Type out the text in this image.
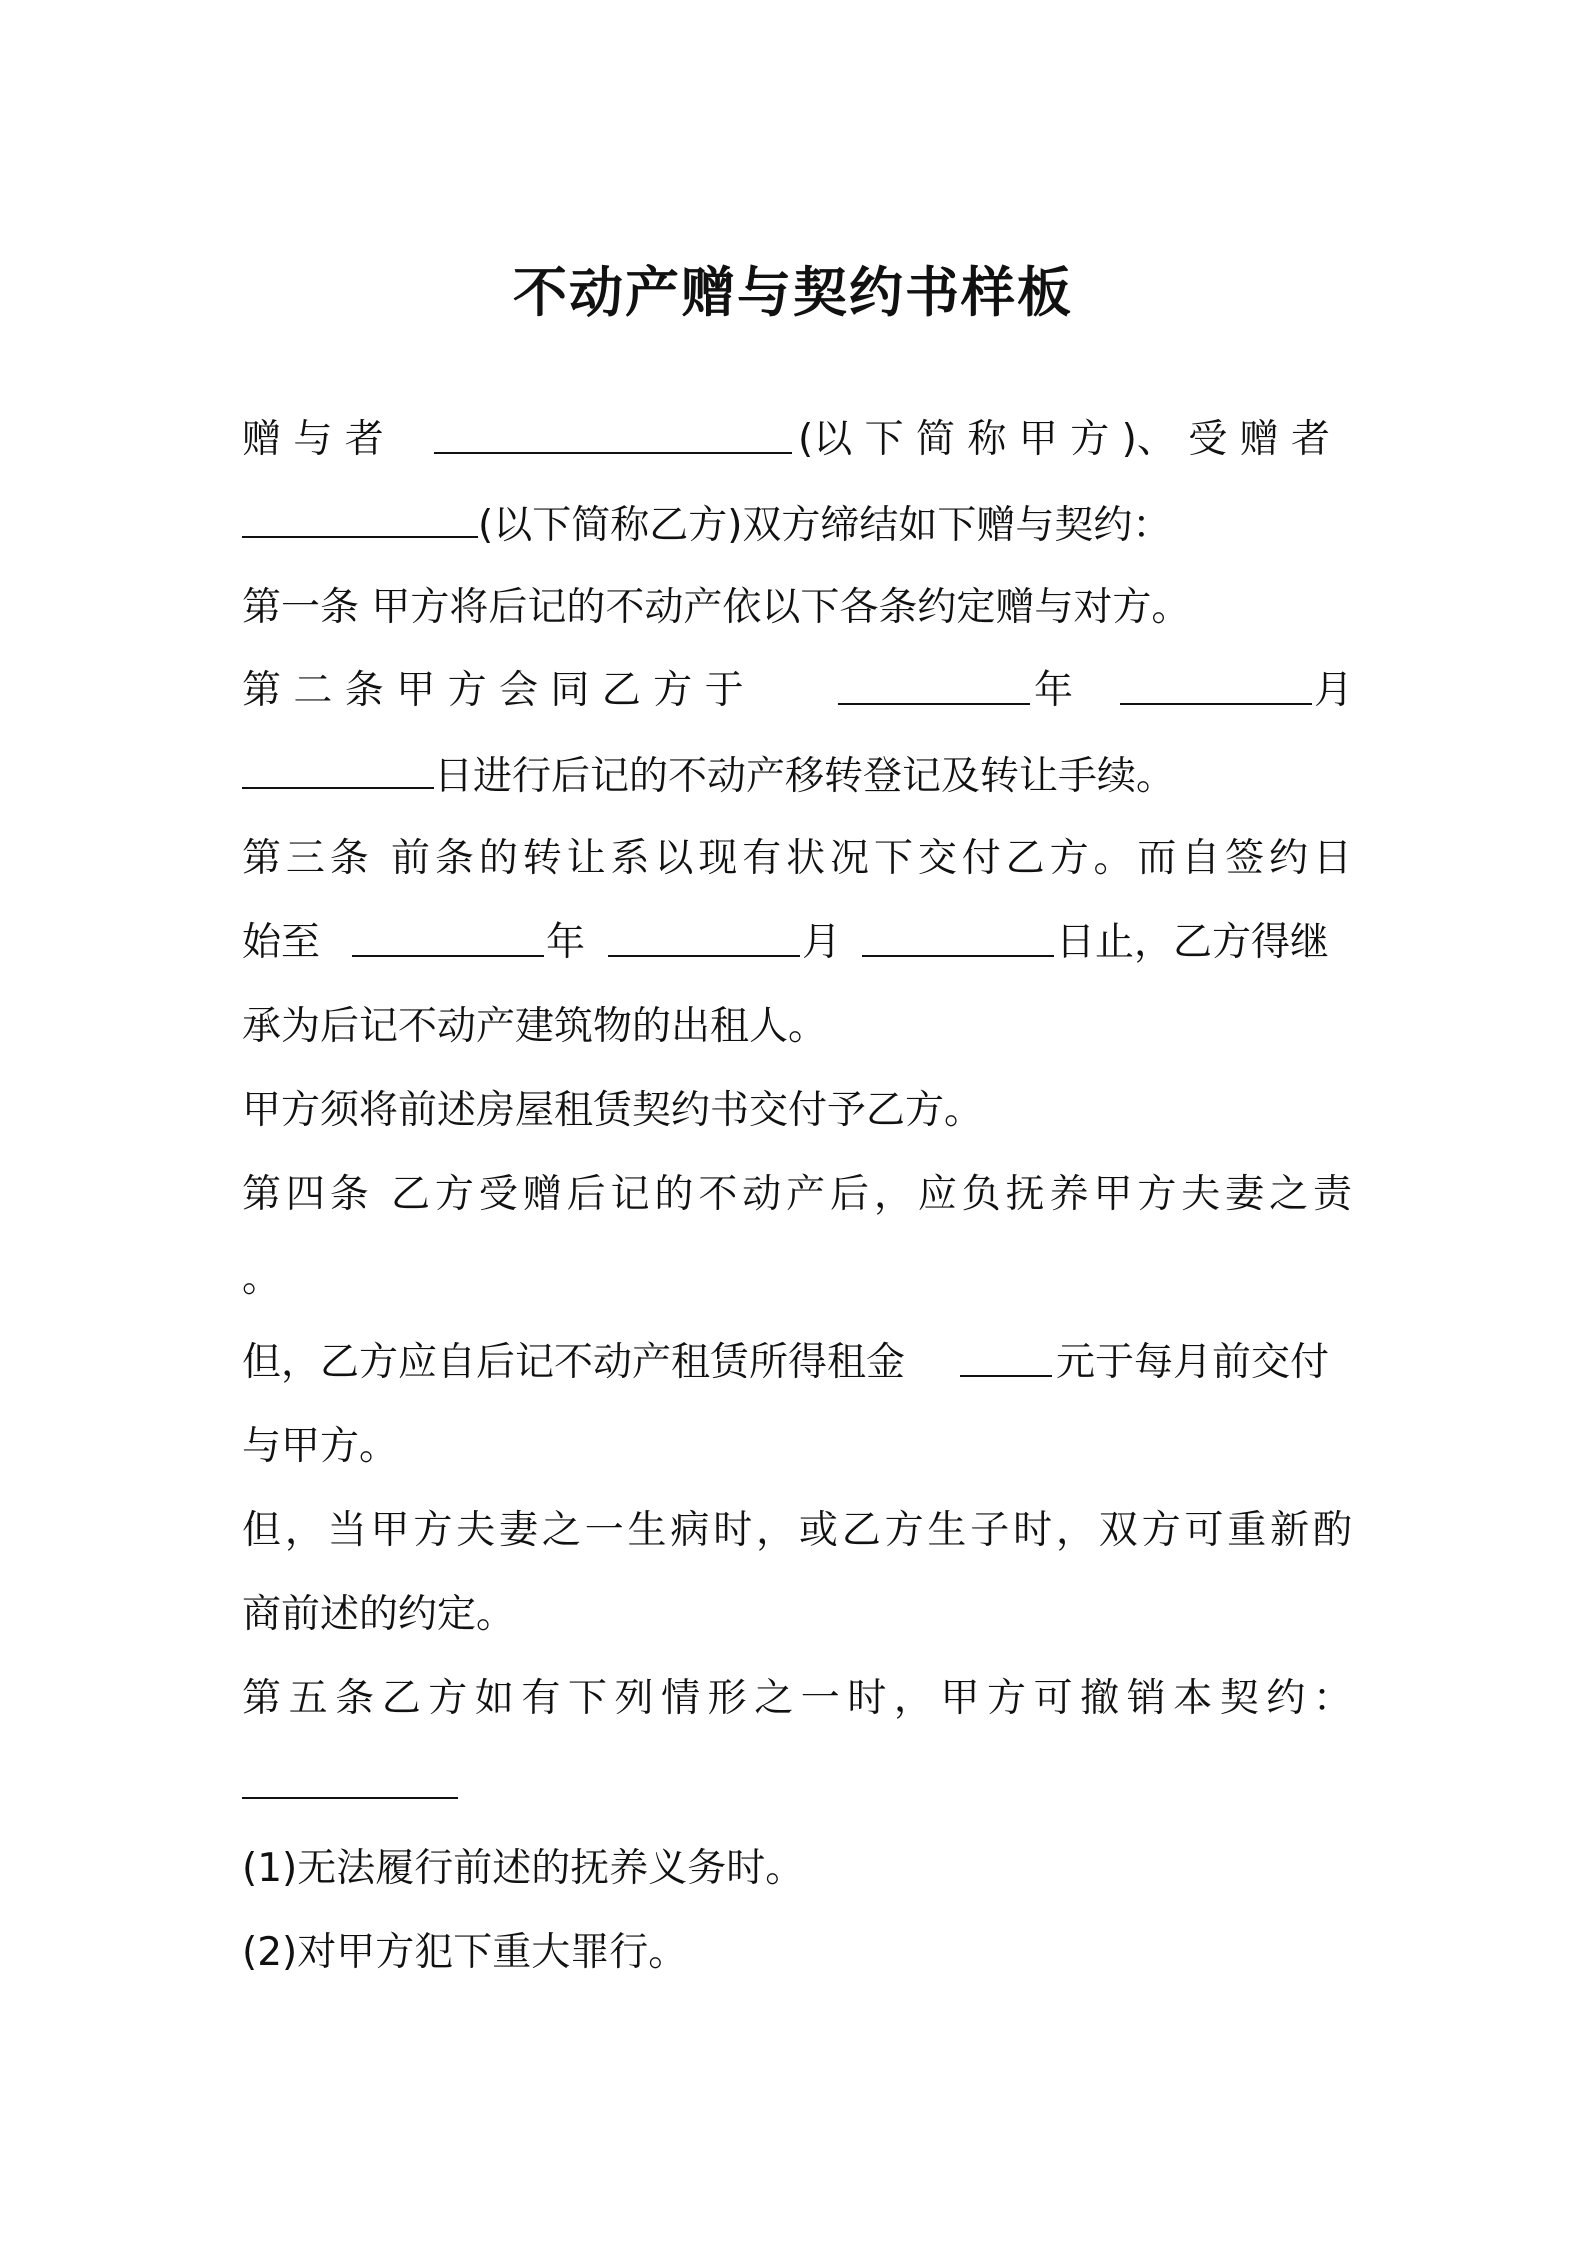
不动产赠与契约书样板
赠 与 者	(以 下 简 称 甲 方 )、 受 赠 者
(以下简称乙方)双方缔结如下赠与契约：
第一条 甲方将后记的不动产依以下各条约定赠与对方。
第 二 条 甲 方 会 同 乙 方 于	年	月
日进行后记的不动产移转登记及转让手续。
第三条 前条的转让系以现有状况下交付乙方。而自签约日
始至	年	月	日止，乙方得继
承为后记不动产建筑物的出租人。
甲方须将前述房屋租赁契约书交付予乙方。
第四条 乙方受赠后记的不动产后，应负抚养甲方夫妻之责
。
但，乙方应自后记不动产租赁所得租金	元于每月前交付
与甲方。
但，当甲方夫妻之一生病时，或乙方生子时，双方可重新酌
商前述的约定。
第五条乙方如有下列情形之一时，甲方可撤销本契约：
(1)无法履行前述的抚养义务时。
(2)对甲方犯下重大罪行。
